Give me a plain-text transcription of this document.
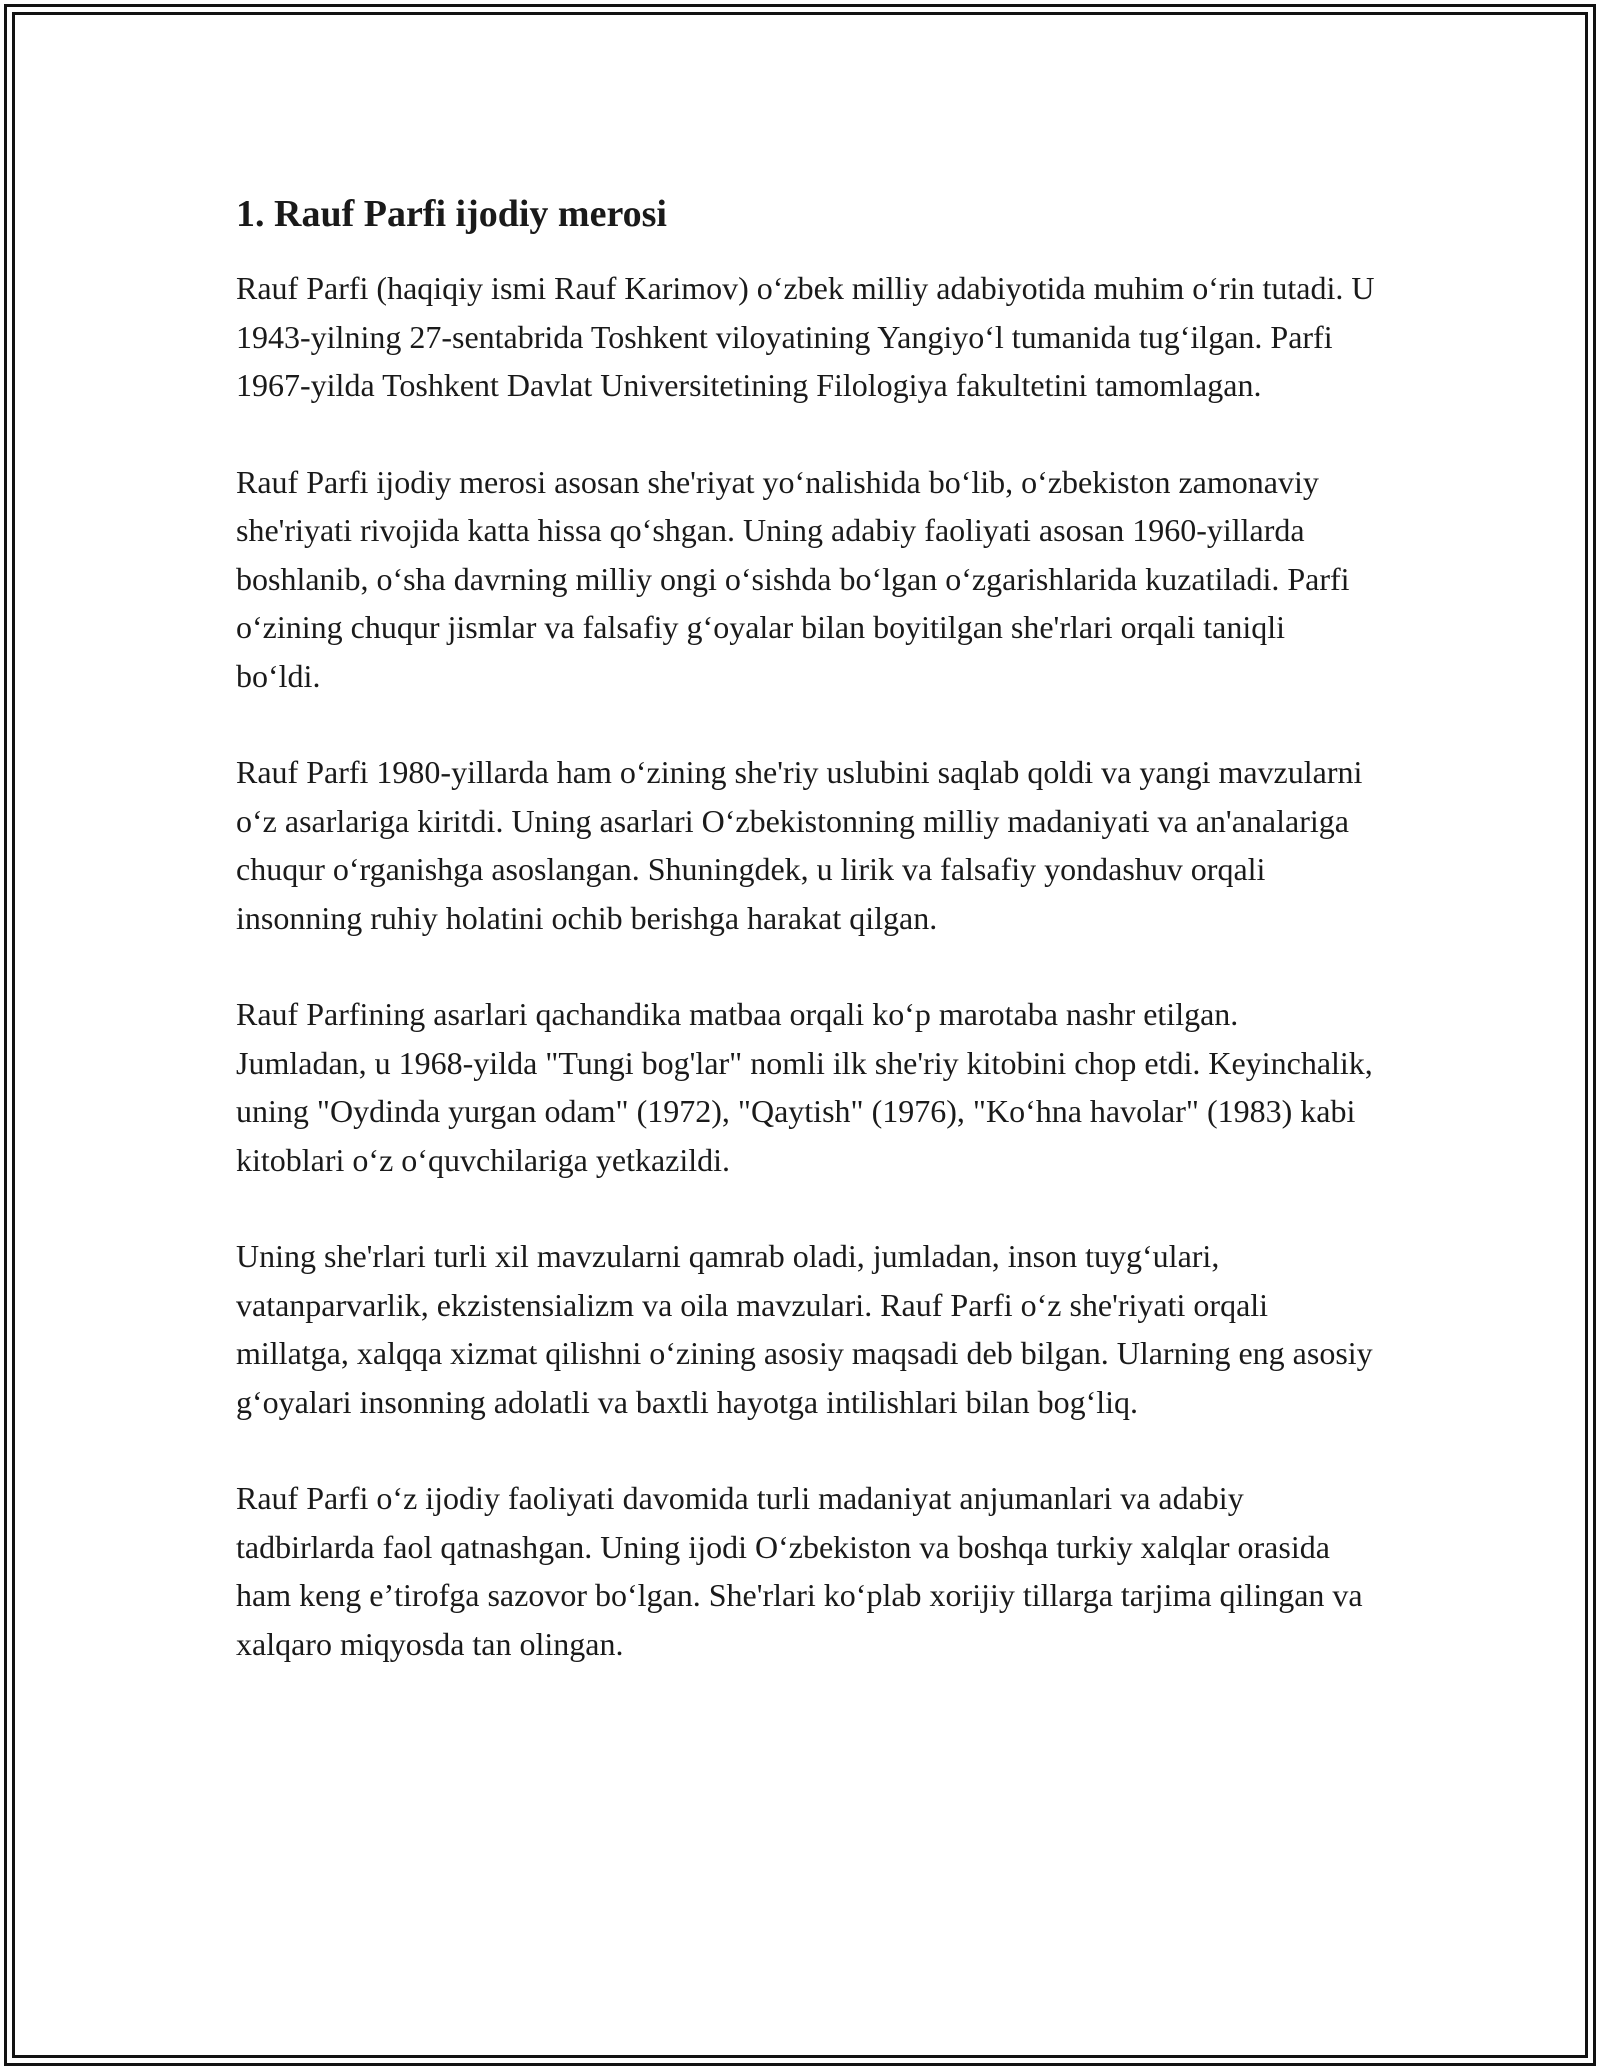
1. Rauf Parfi ijodiy merosi

Rauf Parfi (haqiqiy ismi Rauf Karimov) oʻzbek milliy adabiyotida muhim oʻrin tutadi. U 1943-yilning 27-sentabrida Toshkent viloyatining Yangiyoʻl tumanida tugʻilgan. Parfi 1967-yilda Toshkent Davlat Universitetining Filologiya fakultetini tamomlagan.

Rauf Parfi ijodiy merosi asosan she'riyat yoʻnalishida boʻlib, oʻzbekiston zamonaviy she'riyati rivojida katta hissa qoʻshgan. Uning adabiy faoliyati asosan 1960-yillarda boshlanib, oʻsha davrning milliy ongi oʻsishda boʻlgan oʻzgarishlarida kuzatiladi. Parfi oʻzining chuqur jismlar va falsafiy gʻoyalar bilan boyitilgan she'rlari orqali taniqli boʻldi.

Rauf Parfi 1980-yillarda ham oʻzining she'riy uslubini saqlab qoldi va yangi mavzularni oʻz asarlariga kiritdi. Uning asarlari Oʻzbekistonning milliy madaniyati va an'analariga chuqur oʻrganishga asoslangan. Shuningdek, u lirik va falsafiy yondashuv orqali insonning ruhiy holatini ochib berishga harakat qilgan.

Rauf Parfining asarlari qachandika matbaa orqali koʻp marotaba nashr etilgan. Jumladan, u 1968-yilda "Tungi bog'lar" nomli ilk she'riy kitobini chop etdi. Keyinchalik, uning "Oydinda yurgan odam" (1972), "Qaytish" (1976), "Koʻhna havolar" (1983) kabi kitoblari oʻz oʻquvchilariga yetkazildi.

Uning she'rlari turli xil mavzularni qamrab oladi, jumladan, inson tuygʻulari, vatanparvarlik, ekzistensializm va oila mavzulari. Rauf Parfi oʻz she'riyati orqali millatga, xalqqa xizmat qilishni oʻzining asosiy maqsadi deb bilgan. Ularning eng asosiy gʻoyalari insonning adolatli va baxtli hayotga intilishlari bilan bogʻliq.

Rauf Parfi oʻz ijodiy faoliyati davomida turli madaniyat anjumanlari va adabiy tadbirlarda faol qatnashgan. Uning ijodi Oʻzbekiston va boshqa turkiy xalqlar orasida ham keng eʼtirofga sazovor boʻlgan. She'rlari koʻplab xorijiy tillarga tarjima qilingan va xalqaro miqyosda tan olingan.
